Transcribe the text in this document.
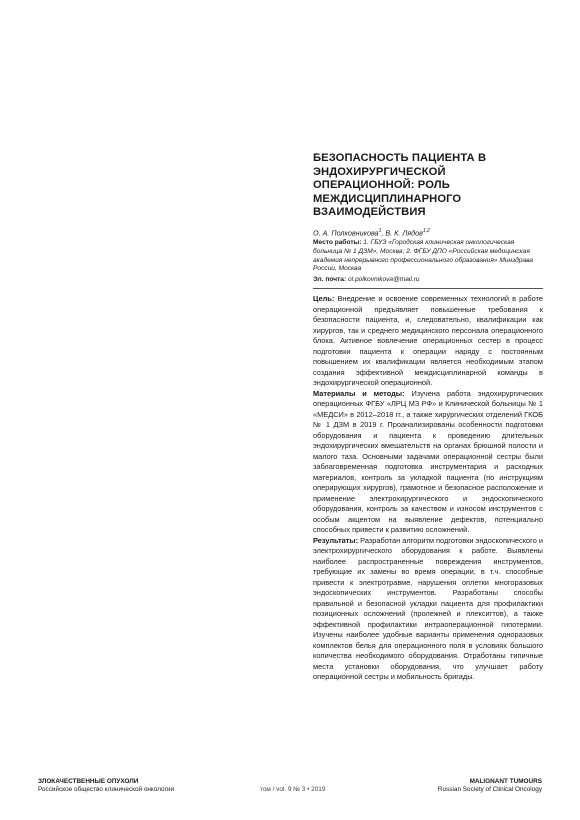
БЕЗОПАСНОСТЬ ПАЦИЕНТА В ЭНДОХИРУРГИЧЕСКОЙ ОПЕРАЦИОННОЙ: РОЛЬ МЕЖДИСЦИПЛИНАРНОГО ВЗАИМОДЕЙСТВИЯ
О. А. Полковникова$^1$, В. К. Лядов$^{1,2}$
Место работы: 1. ГБУЗ «Городская клиническая онкологическая больница № 1 ДЗМ», Москва; 2. ФГБУ ДПО «Российская медицинская академия непрерывного профессионального образования» Минздрава России, Москва
Эл. почта: ol.polkovnikova@mail.ru

Цель: Внедрение и освоение современных технологий в работе операционной предъявляет повышенные требования к безопасности пациента, и, следовательно, квалификации как хирургов, так и среднего медицинского персонала операционного блока. Активное вовлечение операционных сестер в процесс подготовки пациента к операции наряду с постоянным повышением их квалификации является необходимым этапом создания эффективной междисциплинарной команды в эндохирургической операционной.

Материалы и методы: Изучена работа эндохирургических операционных ФГБУ «ЛРЦ МЗ РФ» и Клинической больницы № 1 «МЕДСИ» в 2012–2018 гг., а также хирургических отделений ГКОБ № 1 ДЗМ в 2019 г. Проанализированы особенности подготовки оборудования и пациента к проведению длительных эндохирургических вмешательств на органах брюшной полости и малого таза. Основными задачами операционной сестры были заблаговременная подготовка инструментария и расходных материалов, контроль за укладкой пациента (по инструкциям оперирующих хирургов), грамотное и безопасное расположение и применение электрохирургического и эндоскопического оборудования, контроль за качеством и износом инструментов с особым акцентом на выявление дефектов, потенциально способных привести к развитию осложнений.

Результаты: Разработан алгоритм подготовки эндоскопического и электрохирургического оборудования к работе. Выявлены наиболее распространенные повреждения инструментов, требующие их замены во время операции, в т.ч. способные привести к электротравме, нарушения оплетки многоразовых эндоскопических инструментов. Разработаны способы правильной и безопасной укладки пациента для профилактики позиционных осложнений (пролежней и плексигтов), а также эффективной профилактики интраоперационной гипотермии. Изучены наиболее удобные варианты применения одноразовых комплектов белья для операционного поля в условиях большого количества необходимого оборудования. Отработаны типичные места установки оборудования, что улучшает работу операционной сестры и мобильность бригады.

ЗЛОКАЧЕСТВЕННЫЕ ОПУХОЛИ
Российское общество клинической онкологии	том / vol. 9 № 3 • 2019
MALIGNANT TUMOURS
Russian Society of Clinical Oncology
